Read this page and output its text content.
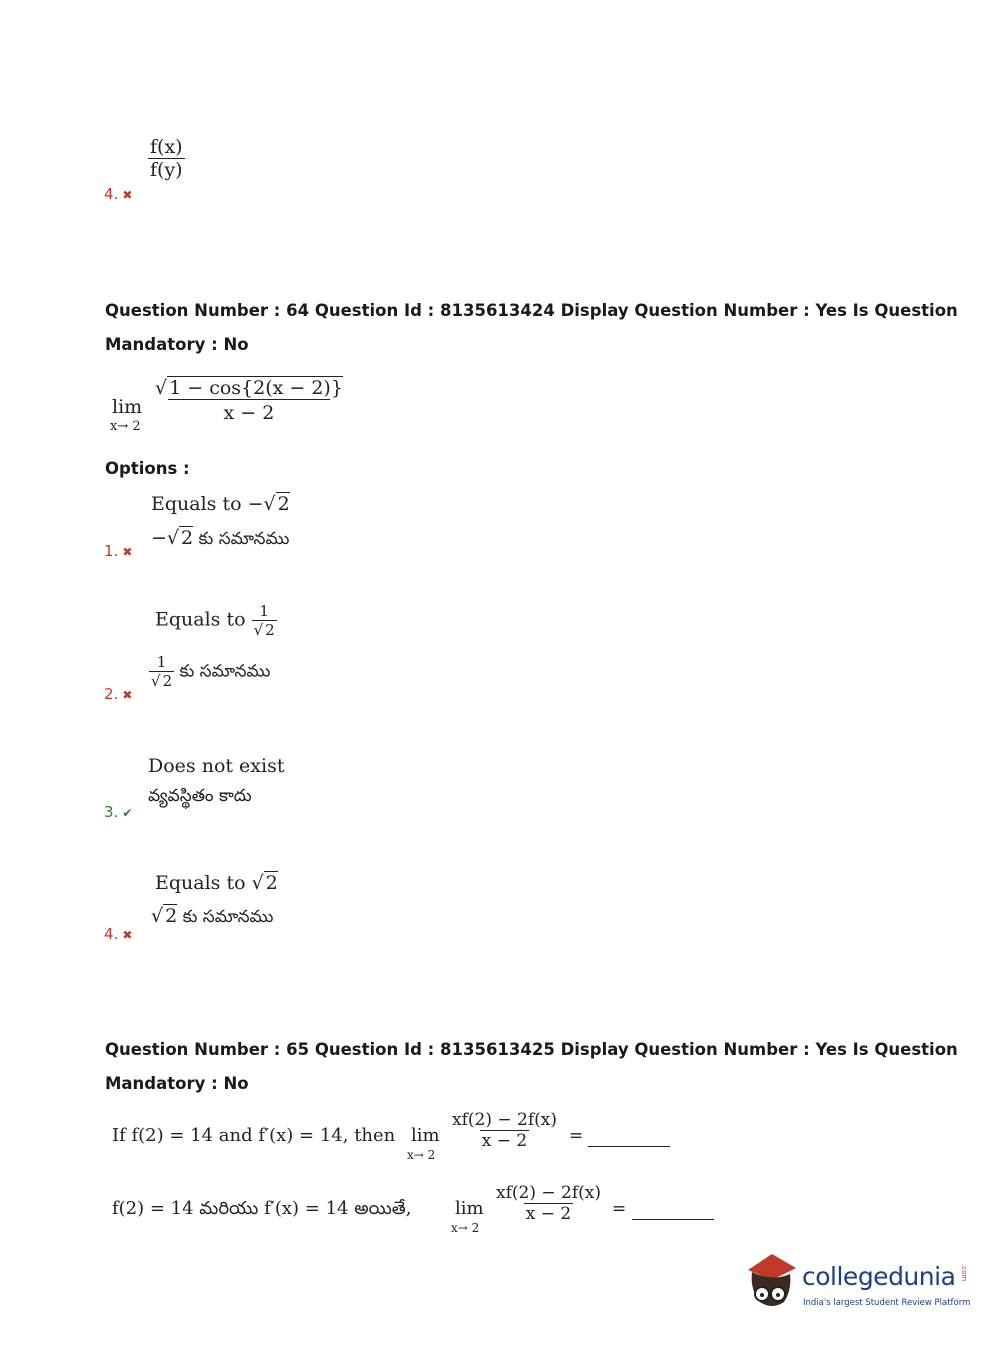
$\frac{f(x)}{f(y)}$
4. ✖
Question Number : 64 Question Id : 8135613424 Display Question Number : Yes Is Question
Mandatory : No
lim
x→ 2
$\frac{√ 1 - \cos\{2(x - 2)\}}{x - 2}$
Options :
Equals to −√ 2
−√ 2 కు సమానము
1. ✖
Equals to $\frac{1}{√ 2}$
$\frac{1}{√ 2}$ కు సమానము
2. ✖
Does not exist
వ్యవస్థితం కాదు
3. ✔
Equals to √ 2
√ 2 కు సమానము
4. ✖
Question Number : 65 Question Id : 8135613425 Display Question Number : Yes Is Question
Mandatory : No
If f(2) = 14 and f′(x) = 14, then lim
x→ 2
$\frac{xf(2) - 2f(x)}{x - 2}$ =
f(2) = 14 మరియు f′(x) = 14 అయితే, lim
x→ 2
$\frac{xf(2) - 2f(x)}{x - 2}$ =
collegedunia .com
India's largest Student Review Platform
